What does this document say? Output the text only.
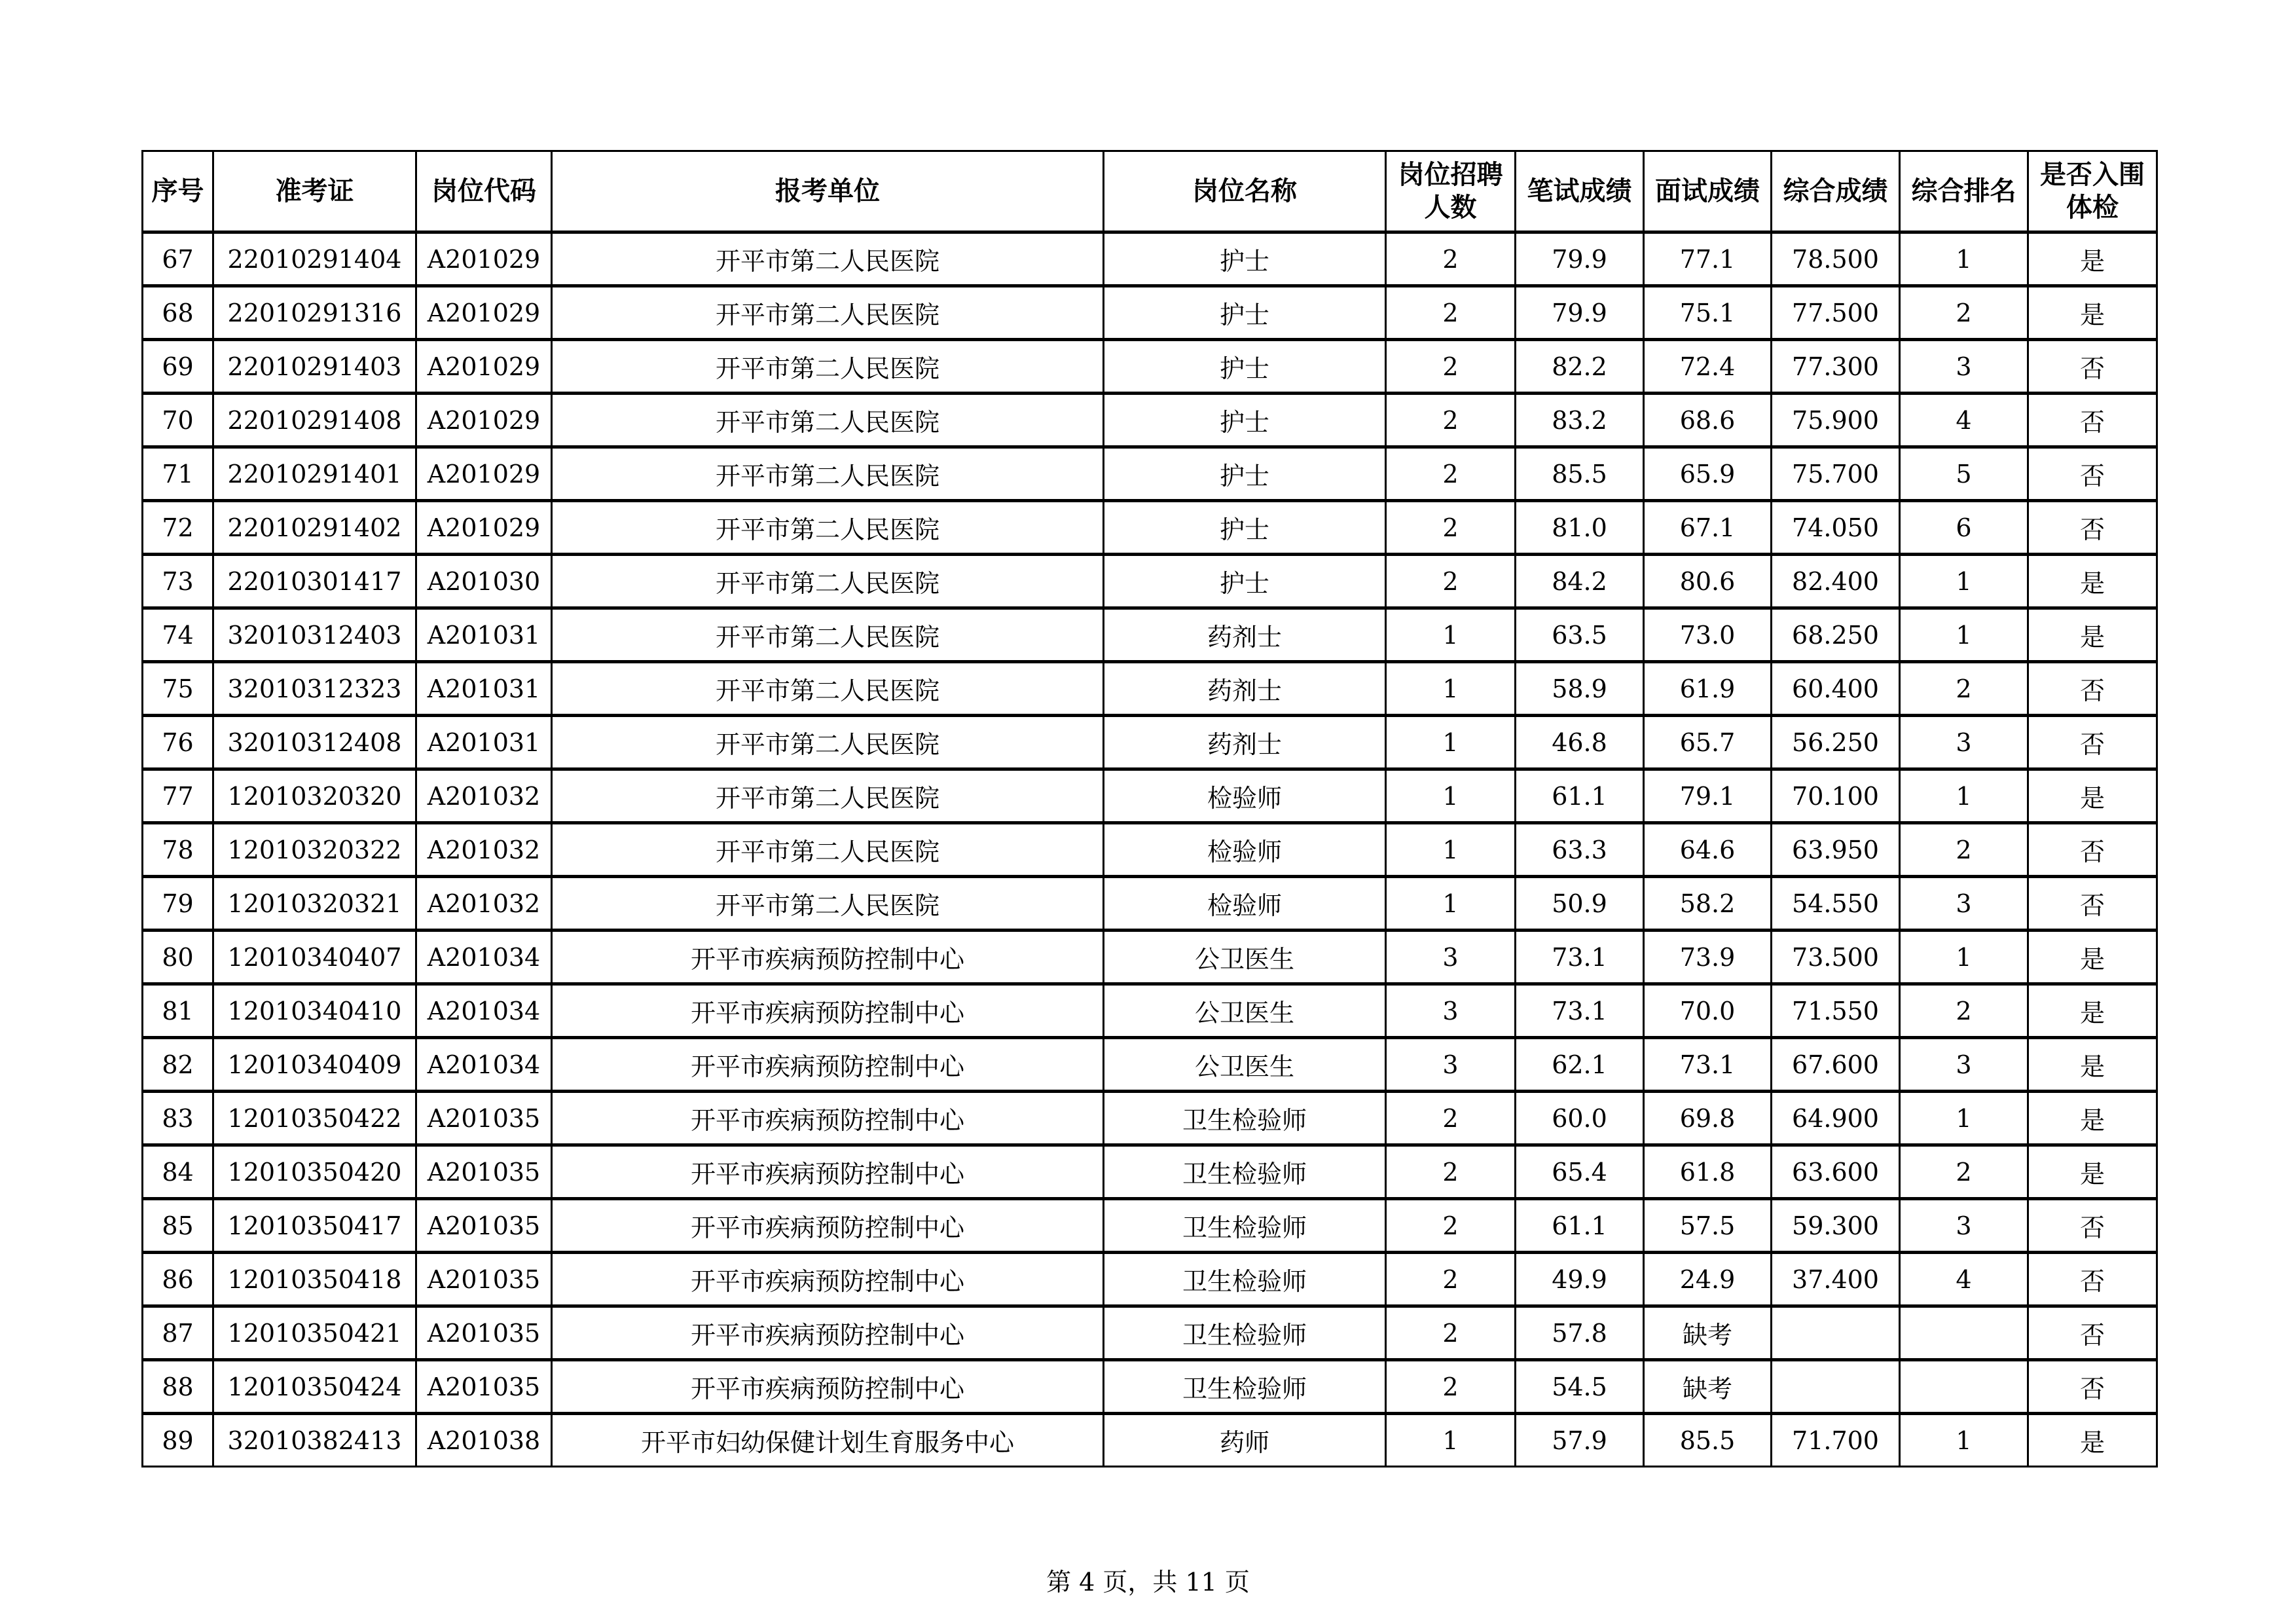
序号	准考证	岗位代码	报考单位	岗位名称	岗位招聘人数	笔试成绩	面试成绩	综合成绩	综合排名	是否入围体检
67	22010291404	A201029	开平市第二人民医院	护士	2	79.9	77.1	78.500	1	是
68	22010291316	A201029	开平市第二人民医院	护士	2	79.9	75.1	77.500	2	是
69	22010291403	A201029	开平市第二人民医院	护士	2	82.2	72.4	77.300	3	否
70	22010291408	A201029	开平市第二人民医院	护士	2	83.2	68.6	75.900	4	否
71	22010291401	A201029	开平市第二人民医院	护士	2	85.5	65.9	75.700	5	否
72	22010291402	A201029	开平市第二人民医院	护士	2	81.0	67.1	74.050	6	否
73	22010301417	A201030	开平市第二人民医院	护士	2	84.2	80.6	82.400	1	是
74	32010312403	A201031	开平市第二人民医院	药剂士	1	63.5	73.0	68.250	1	是
75	32010312323	A201031	开平市第二人民医院	药剂士	1	58.9	61.9	60.400	2	否
76	32010312408	A201031	开平市第二人民医院	药剂士	1	46.8	65.7	56.250	3	否
77	12010320320	A201032	开平市第二人民医院	检验师	1	61.1	79.1	70.100	1	是
78	12010320322	A201032	开平市第二人民医院	检验师	1	63.3	64.6	63.950	2	否
79	12010320321	A201032	开平市第二人民医院	检验师	1	50.9	58.2	54.550	3	否
80	12010340407	A201034	开平市疾病预防控制中心	公卫医生	3	73.1	73.9	73.500	1	是
81	12010340410	A201034	开平市疾病预防控制中心	公卫医生	3	73.1	70.0	71.550	2	是
82	12010340409	A201034	开平市疾病预防控制中心	公卫医生	3	62.1	73.1	67.600	3	是
83	12010350422	A201035	开平市疾病预防控制中心	卫生检验师	2	60.0	69.8	64.900	1	是
84	12010350420	A201035	开平市疾病预防控制中心	卫生检验师	2	65.4	61.8	63.600	2	是
85	12010350417	A201035	开平市疾病预防控制中心	卫生检验师	2	61.1	57.5	59.300	3	否
86	12010350418	A201035	开平市疾病预防控制中心	卫生检验师	2	49.9	24.9	37.400	4	否
87	12010350421	A201035	开平市疾病预防控制中心	卫生检验师	2	57.8	缺考			否
88	12010350424	A201035	开平市疾病预防控制中心	卫生检验师	2	54.5	缺考			否
89	32010382413	A201038	开平市妇幼保健计划生育服务中心	药师	1	57.9	85.5	71.700	1	是
第 4 页，共 11 页
